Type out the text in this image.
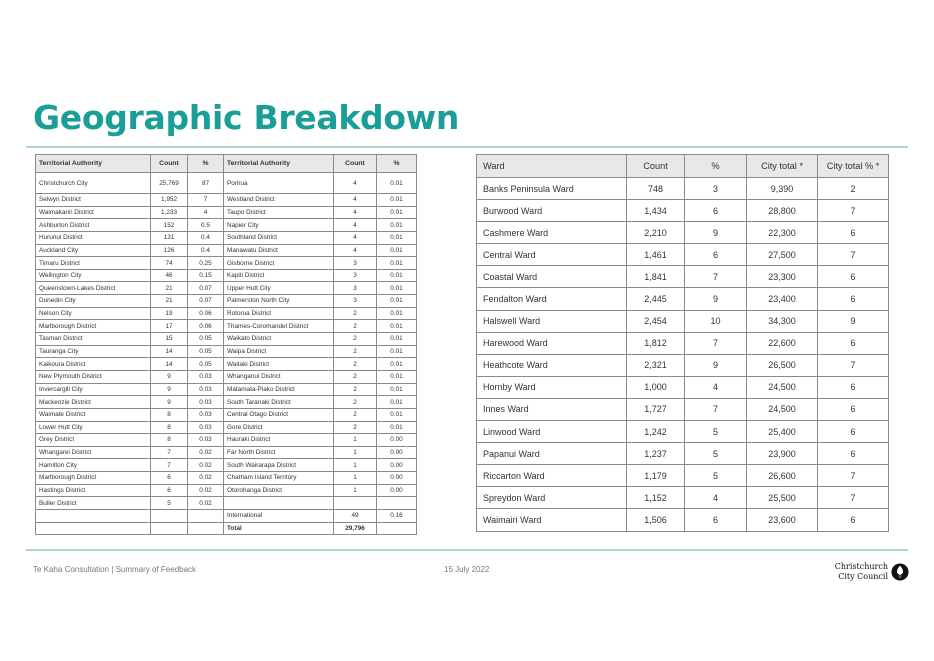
Geographic Breakdown
Territorial Authority	Count	%	Territorial Authority	Count	%
Christchurch City	25,769	87	Porirua	4	0.01
Selwyn District	1,952	7	Westland District	4	0.01
Waimakariri District	1,233	4	Taupo District	4	0.01
Ashburton District	152	0.5	Napier City	4	0.01
Hurunui District	131	0.4	Southland District	4	0.01
Auckland City	126	0.4	Manawatu District	4	0.01
Timaru District	74	0.25	Gisborne District	3	0.01
Wellington City	46	0.15	Kapiti District	3	0.01
Queenstown-Lakes District	21	0.07	Upper Hutt City	3	0.01
Dunedin City	21	0.07	Palmerston North City	3	0.01
Nelson City	19	0.06	Rotorua District	2	0.01
Marlborough District	17	0.06	Thames-Coromandel District	2	0.01
Tasman District	15	0.05	Waikato District	2	0.01
Tauranga City	14	0.05	Waipa District	2	0.01
Kaikoura District	14	0.05	Waitaki District	2	0.01
New Plymouth District	9	0.03	Whanganui District	2	0.01
Invercargill City	9	0.03	Matamata-Piako District	2	0.01
Mackenzie District	9	0.03	South Taranaki District	2	0.01
Waimate District	8	0.03	Central Otago District	2	0.01
Lower Hutt City	8	0.03	Gore District	2	0.01
Grey District	8	0.03	Hauraki District	1	0.00
Whangarei District	7	0.02	Far North District	1	0.00
Hamilton City	7	0.02	South Wairarapa District	1	0.00
Marlborough District	6	0.02	Chatham Island Territory	1	0.00
Hastings District	6	0.02	Otorohanga District	1	0.00
Buller District	5	0.02			
			International	49	0.16
			Total	29,796	
Ward	Count	%	City total *	City total % *
Banks Peninsula Ward	748	3	9,390	2
Burwood Ward	1,434	6	28,800	7
Cashmere Ward	2,210	9	22,300	6
Central Ward	1,461	6	27,500	7
Coastal Ward	1,841	7	23,300	6
Fendalton Ward	2,445	9	23,400	6
Halswell Ward	2,454	10	34,300	9
Harewood Ward	1,812	7	22,600	6
Heathcote Ward	2,321	9	26,500	7
Hornby Ward	1,000	4	24,500	6
Innes Ward	1,727	7	24,500	6
Linwood Ward	1,242	5	25,400	6
Papanui Ward	1,237	5	23,900	6
Riccarton Ward	1,179	5	26,600	7
Spreydon Ward	1,152	4	25,500	7
Waimairi Ward	1,506	6	23,600	6
Te Kaha Consultation | Summary of Feedback	15 July 2022	Christchurch
City Council
